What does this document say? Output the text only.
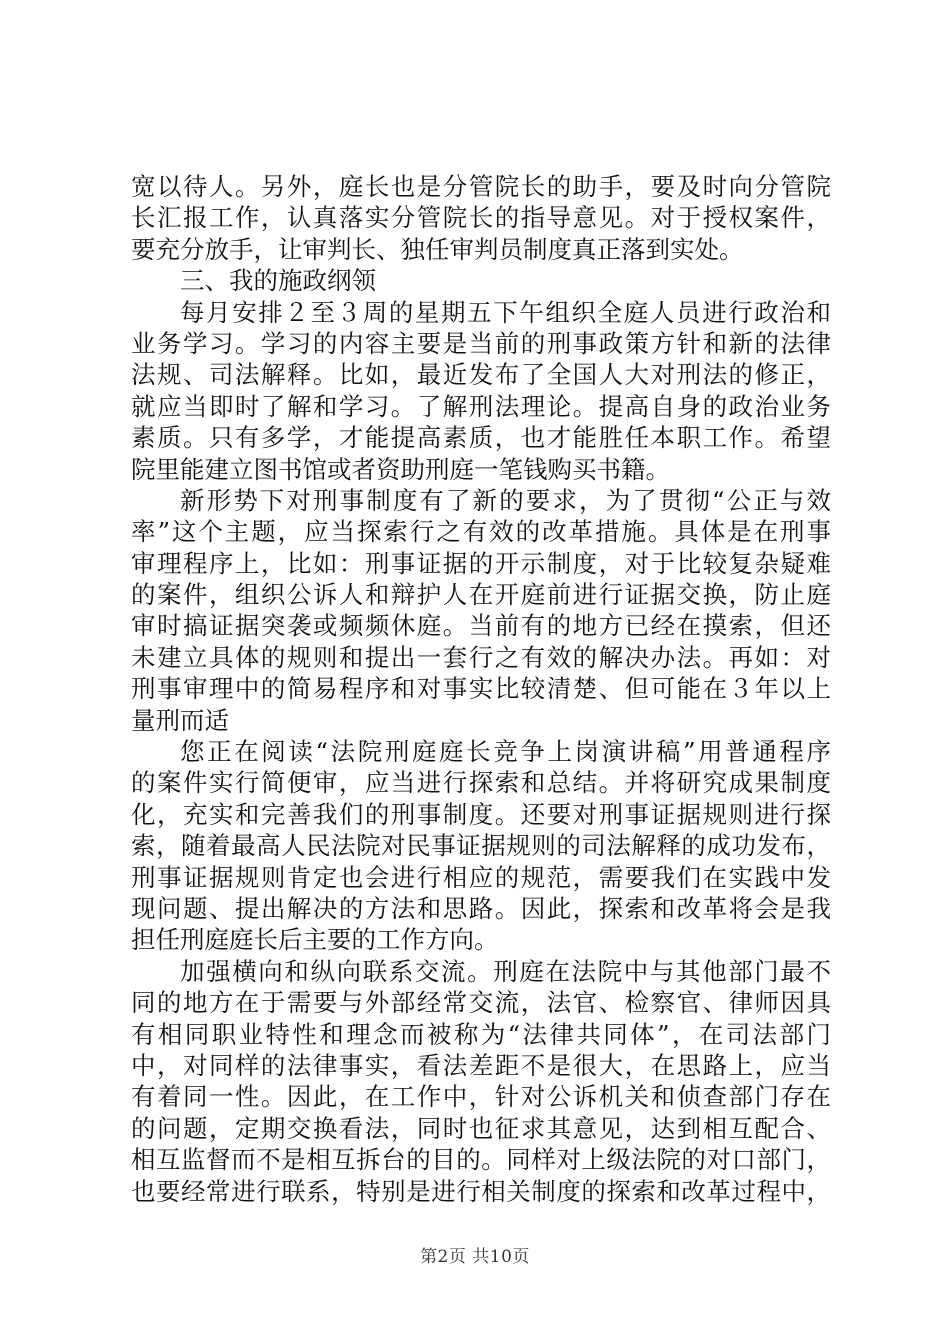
宽以待人。另外，庭长也是分管院长的助手，要及时向分管院
长汇报工作，认真落实分管院长的指导意见。对于授权案件，
要充分放手，让审判长、独任审判员制度真正落到实处。
三、我的施政纲领
每月安排２至３周的星期五下午组织全庭人员进行政治和
业务学习。学习的内容主要是当前的刑事政策方针和新的法律
法规、司法解释。比如，最近发布了全国人大对刑法的修正，
就应当即时了解和学习。了解刑法理论。提高自身的政治业务
素质。只有多学，才能提高素质，也才能胜任本职工作。希望
院里能建立图书馆或者资助刑庭一笔钱购买书籍。
新形势下对刑事制度有了新的要求，为了贯彻“公正与效
率”这个主题，应当探索行之有效的改革措施。具体是在刑事
审理程序上，比如：刑事证据的开示制度，对于比较复杂疑难
的案件，组织公诉人和辩护人在开庭前进行证据交换，防止庭
审时搞证据突袭或频频休庭。当前有的地方已经在摸索，但还
未建立具体的规则和提出一套行之有效的解决办法。再如：对
刑事审理中的简易程序和对事实比较清楚、但可能在３年以上
量刑而适
您正在阅读“法院刑庭庭长竞争上岗演讲稿”用普通程序
的案件实行简便审，应当进行探索和总结。并将研究成果制度
化，充实和完善我们的刑事制度。还要对刑事证据规则进行探
索，随着最高人民法院对民事证据规则的司法解释的成功发布，
刑事证据规则肯定也会进行相应的规范，需要我们在实践中发
现问题、提出解决的方法和思路。因此，探索和改革将会是我
担任刑庭庭长后主要的工作方向。
加强横向和纵向联系交流。刑庭在法院中与其他部门最不
同的地方在于需要与外部经常交流，法官、检察官、律师因具
有相同职业特性和理念而被称为“法律共同体”，在司法部门
中，对同样的法律事实，看法差距不是很大，在思路上，应当
有着同一性。因此，在工作中，针对公诉机关和侦查部门存在
的问题，定期交换看法，同时也征求其意见，达到相互配合、
相互监督而不是相互拆台的目的。同样对上级法院的对口部门，
也要经常进行联系，特别是进行相关制度的探索和改革过程中，
第2页 共10页
